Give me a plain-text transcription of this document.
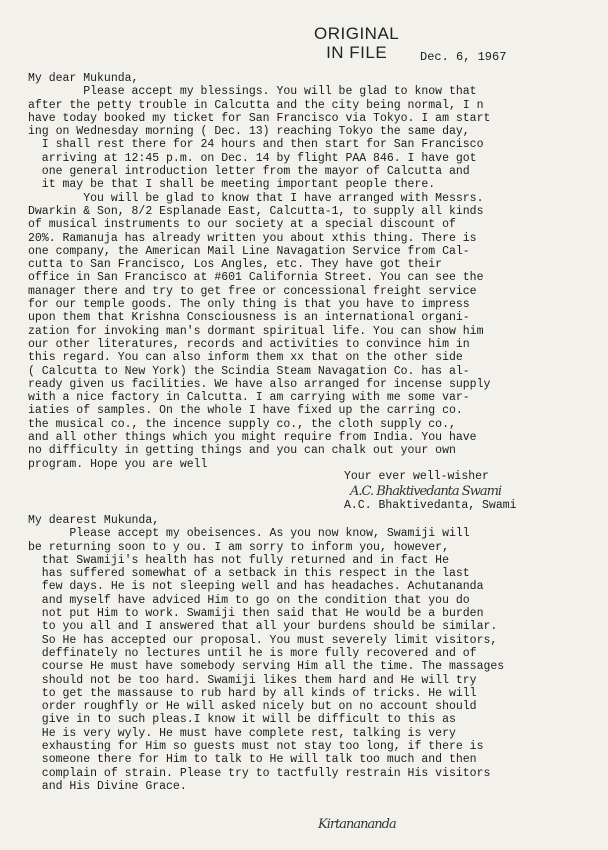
ORIGINAL
IN FILE	Dec. 6, 1967
My dear Mukunda,
Please accept my blessings. You will be glad to know that
after the petty trouble in Calcutta and the city being normal, I n
have today booked my ticket for San Francisco via Tokyo. I am start
ing on Wednesday morning ( Dec. 13) reaching Tokyo the same day,
I shall rest there for 24 hours and then start for San Francisco
arriving at 12:45 p.m. on Dec. 14 by flight PAA 846. I have got
one general introduction letter from the mayor of Calcutta and
it may be that I shall be meeting important people there.
You will be glad to know that I have arranged with Messrs.
Dwarkin & Son, 8/2 Esplanade East, Calcutta-1, to supply all kinds
of musical instruments to our society at a special discount of
20%. Ramanuja has already written you about xthis thing. There is
one company, the American Mail Line Navagation Service from Cal-
cutta to San Francisco, Los Angles, etc. They have got their
office in San Francisco at #601 California Street. You can see the
manager there and try to get free or concessional freight service
for our temple goods. The only thing is that you have to impress
upon them that Krishna Consciousness is an international organi-
zation for invoking man's dormant spiritual life. You can show him
our other literatures, records and activities to convince him in
this regard. You can also inform them xx that on the other side
( Calcutta to New York) the Scindia Steam Navagation Co. has al-
ready given us facilities. We have also arranged for incense supply
with a nice factory in Calcutta. I am carrying with me some var-
iaties of samples. On the whole I have fixed up the carring co.
the musical co., the incence supply co., the cloth supply co.,
and all other things which you might require from India. You have
no difficulty in getting things and you can chalk out your own
program. Hope you are well
Your ever well-wisher
A.C. Bhaktivedanta Swami
A.C. Bhaktivedanta, Swami
My dearest Mukunda,
Please accept my obeisences. As you now know, Swamiji will
be returning soon to y ou. I am sorry to inform you, however,
that Swamiji's health has not fully returned and in fact He
has suffered somewhat of a setback in this respect in the last
few days. He is not sleeping well and has headaches. Achutananda
and myself have adviced Him to go on the condition that you do
not put Him to work. Swamiji then said that He would be a burden
to you all and I answered that all your burdens should be similar.
So He has accepted our proposal. You must severely limit visitors,
deffinately no lectures until he is more fully recovered and of
course He must have somebody serving Him all the time. The massages
should not be too hard. Swamiji likes them hard and He will try
to get the massause to rub hard by all kinds of tricks. He will
order roughfly or He will asked nicely but on no account should
give in to such pleas.I know it will be difficult to this as
He is very wyly. He must have complete rest, talking is very
exhausting for Him so guests must not stay too long, if there is
someone there for Him to talk to He will talk too much and then
complain of strain. Please try to tactfully restrain His visitors
and His Divine Grace.
Kirtanananda
